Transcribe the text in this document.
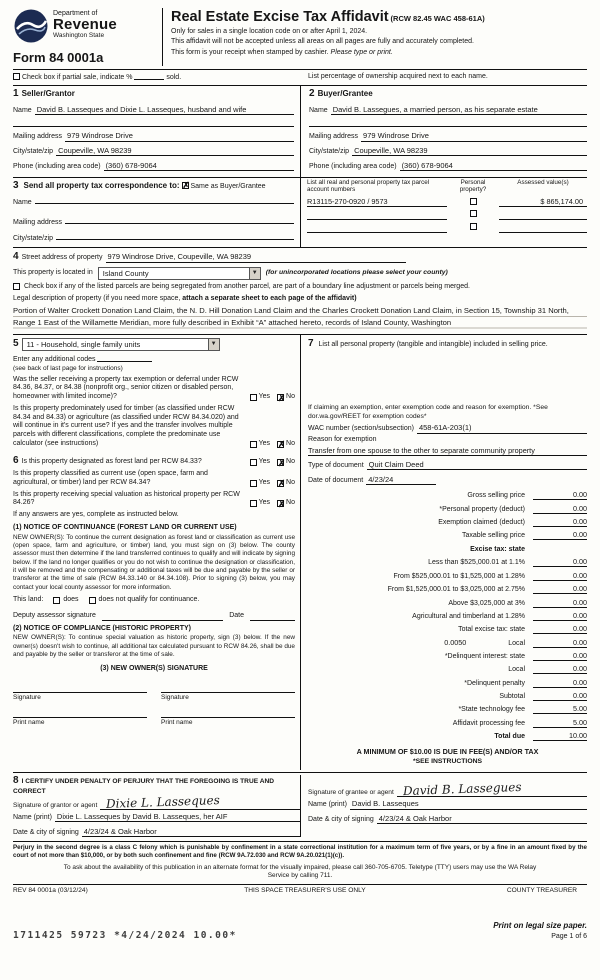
Department of
Revenue
Washington State
Form 84 0001a
Real Estate Excise Tax Affidavit (RCW 82.45 WAC 458-61A)
Only for sales in a single location code on or after April 1, 2024.
This affidavit will not be accepted unless all areas on all pages are fully and accurately completed.
This form is your receipt when stamped by cashier. Please type or print.
Check box if partial sale, indicate %	sold.	List percentage of ownership acquired next to each name.
1 Seller/Grantor
Name David B. Lasseques and Dixie L. Lasseques, husband and wife
Mailing address 979 Windrose Drive
City/state/zip Coupeville, WA 98239
Phone (including area code) (360) 678-9064
2 Buyer/Grantee
Name David B. Lassegues, a married person, as his separate estate
Mailing address 979 Windrose Drive
City/state/zip Coupeville, WA 98239
Phone (including area code) (360) 678-9064
3 Send all property tax correspondence to: ✗ Same as Buyer/Grantee
Name
Mailing address
City/state/zip
List all real and personal property tax parcel account numbers
Personal property?
Assessed value(s)
R13115-270-0920 / 9573	$ 865,174.00
4 Street address of property 979 Windrose Drive, Coupeville, WA 98239
This property is located in	Island County	▼ (for unincorporated locations please select your county)
Check box if any of the listed parcels are being segregated from another parcel, are part of a boundary line adjustment or parcels being merged.
Legal description of property (if you need more space, attach a separate sheet to each page of the affidavit)
Portion of Walter Crockett Donation Land Claim, the N. D. Hill Donation Land Claim and the Charles Crockett Donation Land Claim, in Section 15, Township 31 North, Range 1 East of the Willamette Meridian, more fully described in Exhibit “A” attached hereto, records of Island County, Washington
5	11 - Household, single family units	▼
Enter any additional codes
(see back of last page for instructions)
Was the seller receiving a property tax exemption or deferral under RCW 84.36, 84.37, or 84.38 (nonprofit org., senior citizen or disabled person, homeowner with limited income)?	Yes ✗ No
Is this property predominately used for timber (as classified under RCW 84.34 and 84.33) or agriculture (as classified under RCW 84.34.020) and will continue in it's current use? If yes and the transfer involves multiple parcels with different classifications, complete the predominate use calculator (see instructions)	Yes ✗ No
6 Is this property designated as forest land per RCW 84.33?	Yes ✗ No
Is this property classified as current use (open space, farm and agricultural, or timber) land per RCW 84.34?	Yes ✗ No
Is this property receiving special valuation as historical property per RCW 84.26?	Yes ✗ No
If any answers are yes, complete as instructed below.
(1) NOTICE OF CONTINUANCE (FOREST LAND OR CURRENT USE)
NEW OWNER(S): To continue the current designation as forest land or classification as current use (open space, farm and agriculture, or timber) land, you must sign on (3) below. The county assessor must then determine if the land transferred continues to qualify and will indicate by signing below. If the land no longer qualifies or you do not wish to continue the designation or classification, it will be removed and the compensating or additional taxes will be due and payable by the seller or transferor at the time of sale (RCW 84.33.140 or 84.34.108). Prior to signing (3) below, you may contact your local county assessor for more information.
This land:	does	does not qualify for continuance.
Deputy assessor signature	Date
(2) NOTICE OF COMPLIANCE (HISTORIC PROPERTY)
NEW OWNER(S): To continue special valuation as historic property, sign (3) below. If the new owner(s) doesn't wish to continue, all additional tax calculated pursuant to RCW 84.26, shall be due and payable by the seller or transferor at the time of sale.
(3) NEW OWNER(S) SIGNATURE
Signature	Signature
Print name	Print name
7 List all personal property (tangible and intangible) included in selling price.
If claiming an exemption, enter exemption code and reason for exemption. *See dor.wa.gov/REET for exemption codes*
WAC number (section/subsection) 458-61A-203(1)
Reason for exemption
Transfer from one spouse to the other to separate community property
Type of document Quit Claim Deed
Date of document 4/23/24
Gross selling price	0.00
*Personal property (deduct)	0.00
Exemption claimed (deduct)	0.00
Taxable selling price	0.00
Excise tax: state
Less than $525,000.01 at 1.1%	0.00
From $525,000.01 to $1,525,000 at 1.28%	0.00
From $1,525,000.01 to $3,025,000 at 2.75%	0.00
Above $3,025,000 at 3%	0.00
Agricultural and timberland at 1.28%	0.00
Total excise tax: state	0.00
0.0050	Local	0.00
*Delinquent interest: state	0.00
Local	0.00
*Delinquent penalty	0.00
Subtotal	0.00
*State technology fee	5.00
Affidavit processing fee	5.00
Total due	10.00
A MINIMUM OF $10.00 IS DUE IN FEE(S) AND/OR TAX
*SEE INSTRUCTIONS
8 I CERTIFY UNDER PENALTY OF PERJURY THAT THE FOREGOING IS TRUE AND CORRECT
Signature of grantor or agent Dixie L. Lasseques
Name (print) Dixie L. Lasseques by David B. Lasseques, her AIF
Date & city of signing 4/23/24 & Oak Harbor
Signature of grantee or agent David B. Lassegues
Name (print) David B. Lasseques
Date & city of signing 4/23/24 & Oak Harbor
Perjury in the second degree is a class C felony which is punishable by confinement in a state correctional institution for a maximum term of five years, or by a fine in an amount fixed by the court of not more than $10,000, or by both such confinement and fine (RCW 9A.72.030 and RCW 9A.20.021(1)(c)).
To ask about the availability of this publication in an alternate format for the visually impaired, please call 360-705-6705. Teletype (TTY) users may use the WA Relay Service by calling 711.
REV 84 0001a (03/12/24)	THIS SPACE TREASURER'S USE ONLY	COUNTY TREASURER
1711425 59723 *4/24/2024 10.00*
Print on legal size paper.
Page 1 of 6
